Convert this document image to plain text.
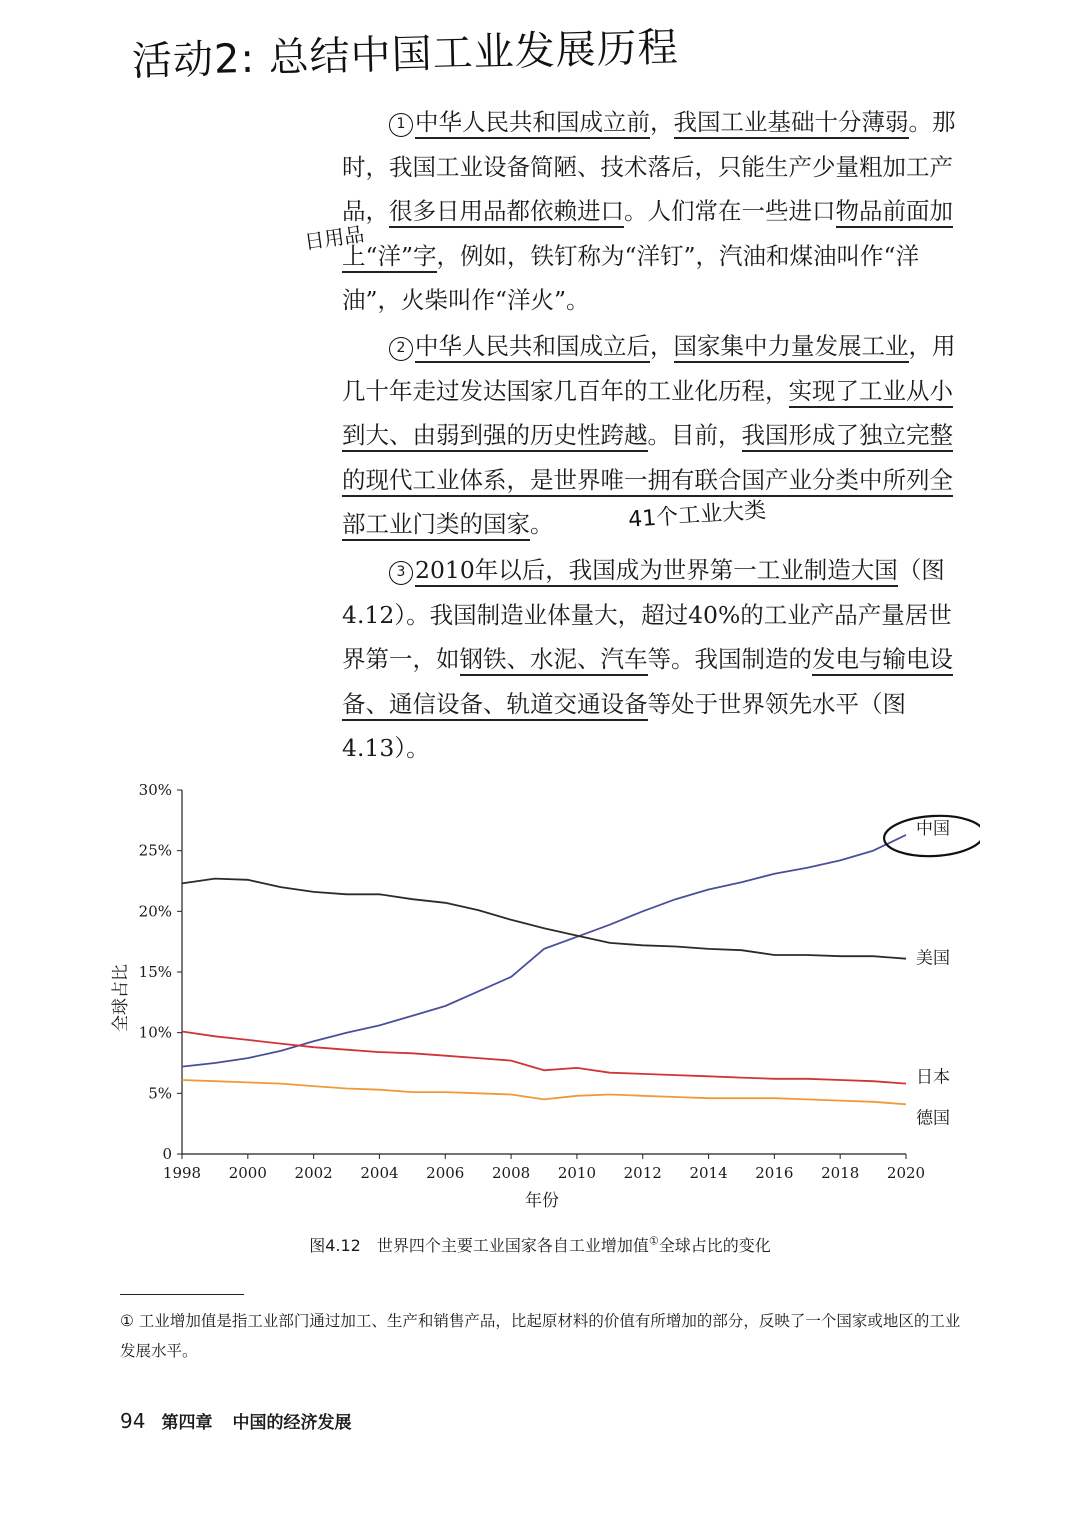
活动2: 总结中国工业发展历程
日用品

1 中华人民共和国成立前，我国工业基础十分薄弱。那时，我国工业设备简陋、技术落后，只能生产少量粗加工产品，很多日用品都依赖进口。人们常在一些进口物品前面加上“洋”字，例如，铁钉称为“洋钉”，汽油和煤油叫作“洋油”，火柴叫作“洋火”。

2 中华人民共和国成立后，国家集中力量发展工业，用几十年走过发达国家几百年的工业化历程，实现了工业从小到大、由弱到强的历史性跨越。目前，我国形成了独立完整的现代工业体系，是世界唯一拥有联合国产业分类中所列全部工业门类的国家。

3 2010年以后，我国成为世界第一工业制造大国（图4.12）。我国制造业体量大，超过40%的工业产品产量居世界第一，如钢铁、水泥、汽车等。我国制造的发电与输电设备、通信设备、轨道交通设备等处于世界领先水平（图4.13）。

41个工业大类
0
5%
10%
15%
20%
25%
30%
1998 2000 2002 2004 2006 2008 2010 2012 2014 2016 2018 2020
中国
美国
日本
德国
全球占比
年份
图4.12　世界四个主要工业国家各自工业增加值①全球占比的变化
① 工业增加值是指工业部门通过加工、生产和销售产品，比起原材料的价值有所增加的部分，反映了一个国家或地区的工业发展水平。
94 第四章 中国的经济发展
